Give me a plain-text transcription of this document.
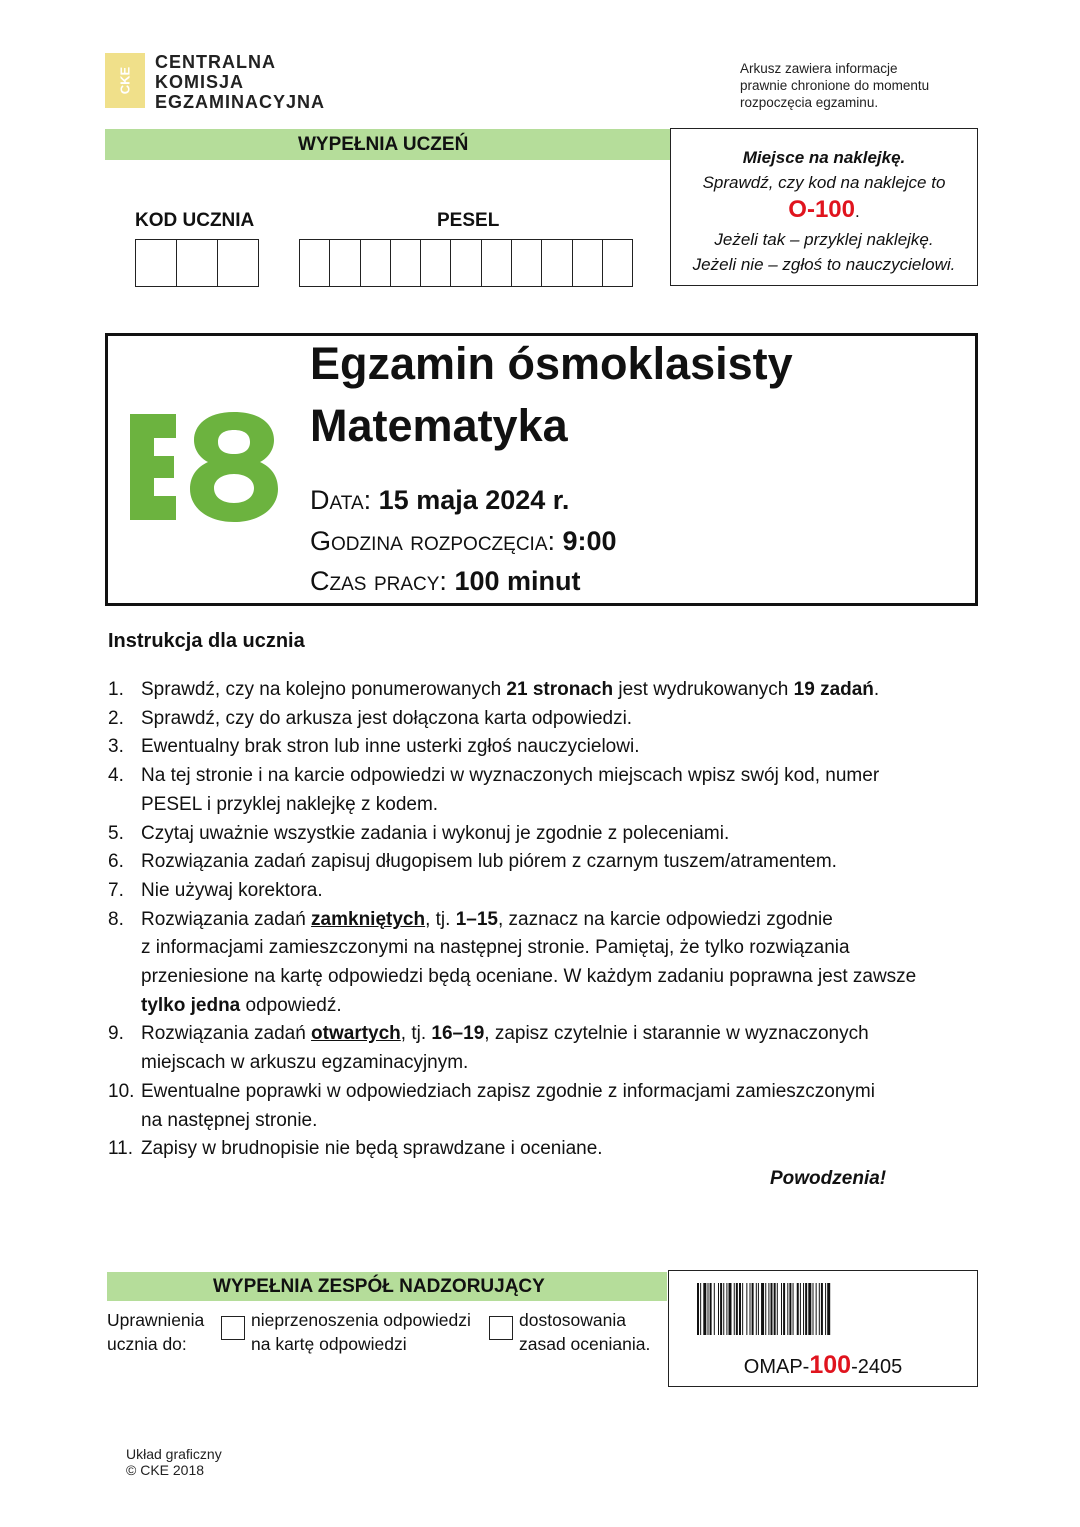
CKE
CENTRALNA
KOMISJA
EGZAMINACYJNA
Arkusz zawiera informacje
prawnie chronione do momentu
rozpoczęcia egzaminu.
WYPEŁNIA UCZEŃ
KOD UCZNIA	PESEL
Miejsce na naklejkę.
Sprawdź, czy kod na naklejce to
O-100.
Jeżeli tak – przyklej naklejkę.
Jeżeli nie – zgłoś to nauczycielowi.
Egzamin ósmoklasisty
Matematyka
Data: 15 maja 2024 r.
Godzina rozpoczęcia: 9:00
Czas pracy: 100 minut
Instrukcja dla ucznia
1. Sprawdź, czy na kolejno ponumerowanych 21 stronach jest wydrukowanych 19 zadań.
2. Sprawdź, czy do arkusza jest dołączona karta odpowiedzi.
3. Ewentualny brak stron lub inne usterki zgłoś nauczycielowi.
4. Na tej stronie i na karcie odpowiedzi w wyznaczonych miejscach wpisz swój kod, numer
PESEL i przyklej naklejkę z kodem.
5. Czytaj uważnie wszystkie zadania i wykonuj je zgodnie z poleceniami.
6. Rozwiązania zadań zapisuj długopisem lub piórem z czarnym tuszem/atramentem.
7. Nie używaj korektora.
8. Rozwiązania zadań zamkniętych, tj. 1–15, zaznacz na karcie odpowiedzi zgodnie
z informacjami zamieszczonymi na następnej stronie. Pamiętaj, że tylko rozwiązania
przeniesione na kartę odpowiedzi będą oceniane. W każdym zadaniu poprawna jest zawsze
tylko jedna odpowiedź.
9. Rozwiązania zadań otwartych, tj. 16–19, zapisz czytelnie i starannie w wyznaczonych
miejscach w arkuszu egzaminacyjnym.
10. Ewentualne poprawki w odpowiedziach zapisz zgodnie z informacjami zamieszczonymi
na następnej stronie.
11. Zapisy w brudnopisie nie będą sprawdzane i oceniane.
Powodzenia!
WYPEŁNIA ZESPÓŁ NADZORUJĄCY
Uprawnienia
ucznia do:
nieprzenoszenia odpowiedzi
na kartę odpowiedzi
dostosowania
zasad oceniania.
OMAP-100-2405
Układ graficzny
© CKE 2018
